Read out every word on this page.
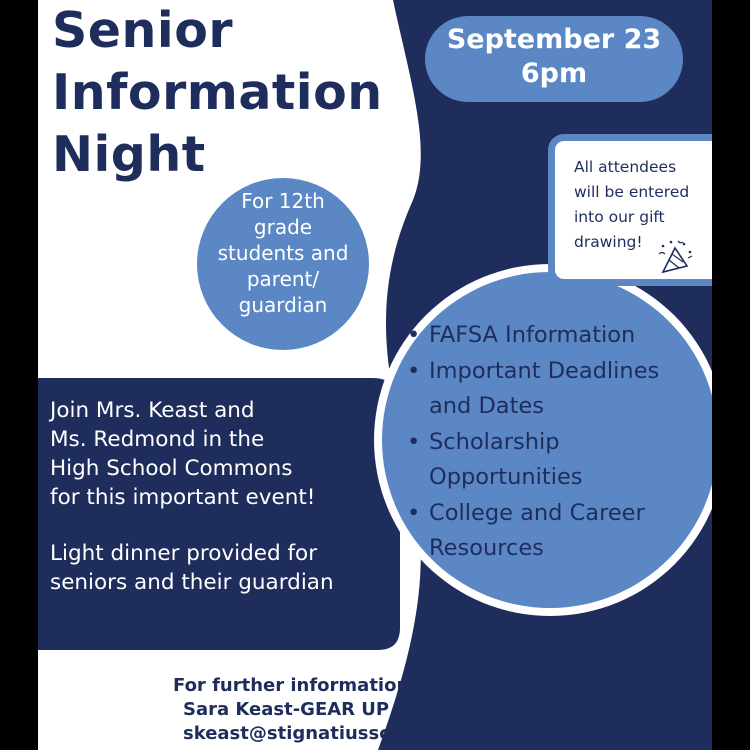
Senior
Information
Night
September 23
6pm
All attendees
will be entered
into our gift
drawing!
For 12th
grade
students and
parent/
guardian
Join Mrs. Keast and
Ms. Redmond in the
High School Commons
for this important event!
Light dinner provided for
seniors and their guardian
• FAFSA Information
• Important Deadlines
and Dates
• Scholarship
Opportunities
• College and Career
Resources
For further information, contact
Sara Keast-GEAR UP Liaison
skeast@stignatiusschools.org
